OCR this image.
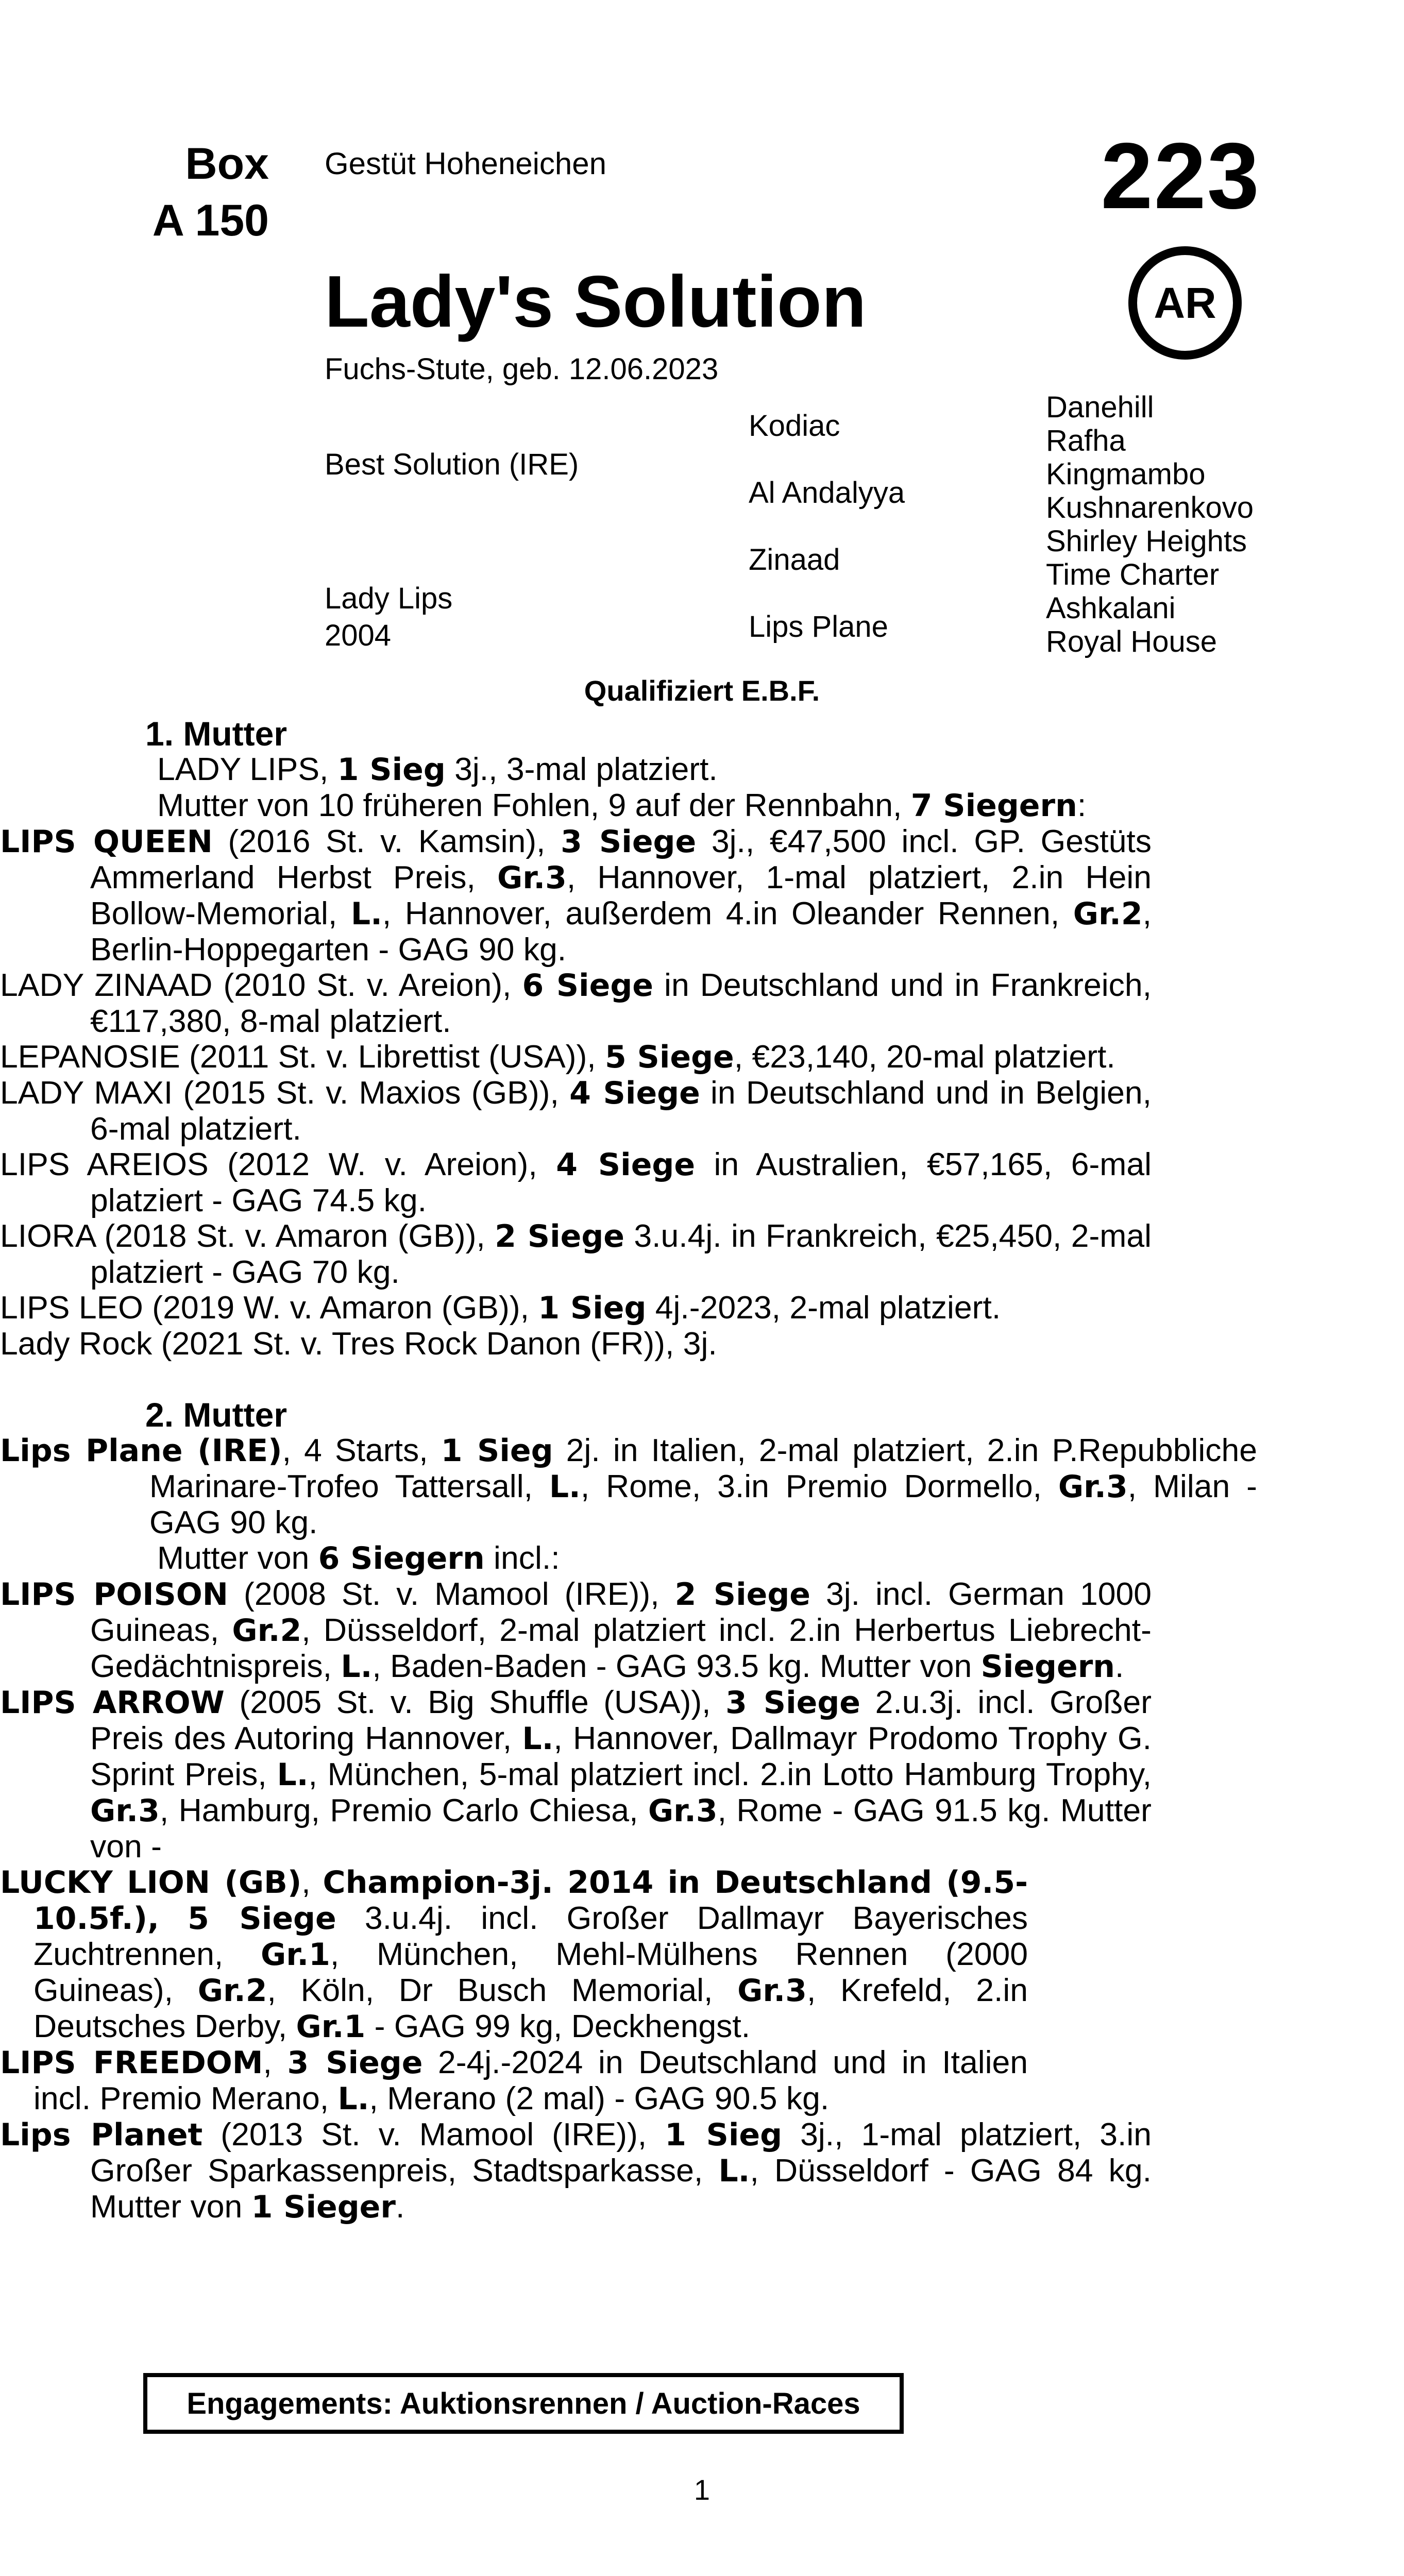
Box
A 150
Gestüt Hoheneichen	223
AR
Lady's Solution
Fuchs-Stute, geb. 12.06.2023
Best Solution (IRE)
Lady Lips
2004
Kodiac
Al Andalyya
Zinaad
Lips Plane
Danehill
Rafha
Kingmambo
Kushnarenkovo
Shirley Heights
Time Charter
Ashkalani
Royal House
Qualifiziert E.B.F.

1. Mutter

LADY LIPS, 1 Sieg 3j., 3-mal platziert.

Mutter von 10 früheren Fohlen, 9 auf der Rennbahn, 7 Siegern:

LIPS QUEEN (2016 St. v. Kamsin), 3 Siege 3j., €47,500 incl. GP. Gestüts Ammerland Herbst Preis, Gr.3, Hannover, 1-mal platziert, 2.in Hein Bollow-Memorial, L., Hannover, außerdem 4.in Oleander Rennen, Gr.2, Berlin-Hoppegarten - GAG 90 kg.

LADY ZINAAD (2010 St. v. Areion), 6 Siege in Deutschland und in Frankreich, €117,380, 8-mal platziert.

LEPANOSIE (2011 St. v. Librettist (USA)), 5 Siege, €23,140, 20-mal platziert.

LADY MAXI (2015 St. v. Maxios (GB)), 4 Siege in Deutschland und in Belgien, 6-mal platziert.

LIPS AREIOS (2012 W. v. Areion), 4 Siege in Australien, €57,165, 6-mal platziert - GAG 74.5 kg.

LIORA (2018 St. v. Amaron (GB)), 2 Siege 3.u.4j. in Frankreich, €25,450, 2-mal platziert - GAG 70 kg.

LIPS LEO (2019 W. v. Amaron (GB)), 1 Sieg 4j.-2023, 2-mal platziert.

Lady Rock (2021 St. v. Tres Rock Danon (FR)), 3j.

2. Mutter

Lips Plane (IRE), 4 Starts, 1 Sieg 2j. in Italien, 2-mal platziert, 2.in P.Repubbliche Marinare-Trofeo Tattersall, L., Rome, 3.in Premio Dormello, Gr.3, Milan - GAG 90 kg.

Mutter von 6 Siegern incl.:

LIPS POISON (2008 St. v. Mamool (IRE)), 2 Siege 3j. incl. German 1000 Guineas, Gr.2, Düsseldorf, 2-mal platziert incl. 2.in Herbertus Liebrecht-Gedächtnispreis, L., Baden-Baden - GAG 93.5 kg. Mutter von Siegern.

LIPS ARROW (2005 St. v. Big Shuffle (USA)), 3 Siege 2.u.3j. incl. Großer Preis des Autoring Hannover, L., Hannover, Dallmayr Prodomo Trophy G. Sprint Preis, L., München, 5-mal platziert incl. 2.in Lotto Hamburg Trophy, Gr.3, Hamburg, Premio Carlo Chiesa, Gr.3, Rome - GAG 91.5 kg. Mutter von -

LUCKY LION (GB), Champion-3j. 2014 in Deutschland (9.5-10.5f.), 5 Siege 3.u.4j. incl. Großer Dallmayr Bayerisches Zuchtrennen, Gr.1, München, Mehl-Mülhens Rennen (2000 Guineas), Gr.2, Köln, Dr Busch Memorial, Gr.3, Krefeld, 2.in Deutsches Derby, Gr.1 - GAG 99 kg, Deckhengst.

LIPS FREEDOM, 3 Siege 2-4j.-2024 in Deutschland und in Italien incl. Premio Merano, L., Merano (2 mal) - GAG 90.5 kg.

Lips Planet (2013 St. v. Mamool (IRE)), 1 Sieg 3j., 1-mal platziert, 3.in Großer Sparkassenpreis, Stadtsparkasse, L., Düsseldorf - GAG 84 kg. Mutter von 1 Sieger.

Engagements: Auktionsrennen / Auction-Races
1
